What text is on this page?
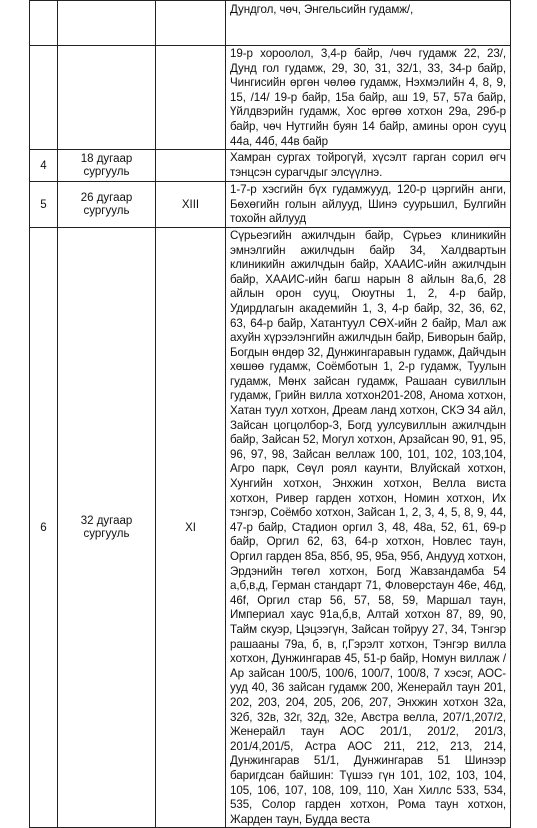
			Дундгол, чөч, Энгельсийн гудамж/,
			19-р хороолол, 3,4-р байр, /чөч гудамж 22, 23/, Дунд гол гудамж, 29, 30, 31, 32/1, 33, 34-р байр, Чингисийн өргөн чөлөө гудамж, Нэхмэлийн 4, 8, 9, 15, /14/ 19-р байр, 15а байр, аш 19, 57, 57а байр, Үйлдвэрийн гудамж, Хос өргөө хотхон 29а, 29б-р байр, чөч Нутгийн буян 14 байр, амины орон сууц 44а, 44б, 44в байр
4	18 дугаар сургууль		Хамран сургах тойрогүй, хүсэлт гарган сорил өгч тэнцсэн сурагчдыг элсүүлнэ.
5	26 дугаар сургууль	XIII	1-7-р хэсгийн бүх гудамжууд, 120-р цэргийн анги, Бөхөгийн голын айлууд, Шинэ суурьшил, Булгийн тохойн айлууд
6	32 дугаар сургууль	XI	Сүрьеэгийн ажилчдын байр, Сүрьеэ клиникийн эмнэлгийн ажилчдын байр 34, Халдвартын клиникийн ажилчдын байр, ХААИС-ийн ажилчдын байр, ХААИС-ийн багш нарын 8 айлын 8а,б, 28 айлын орон сууц, Оюутны 1, 2, 4-р байр, Удирдлагын академийн 1, 3, 4-р байр, 32, 36, 62, 63, 64-р байр, Хатантуул СӨХ-ийн 2 байр, Мал аж ахуйн хүрээлэнгийн ажилчдын байр, Биворын байр, Богдын өндөр 32, Дунжингаравын гудамж, Дайчдын хөшөө гудамж, Соёмботын 1, 2-р гудамж, Туулын гудамж, Мөнх зайсан гудамж, Рашаан сувиллын гудамж, Грийн вилла хотхон201-208, Анома хотхон, Хатан туул хотхон, Дреам ланд хотхон, СКЭ 34 айл, Зайсан цогцолбор-3, Богд уулсувиллын ажилчдын байр, Зайсан 52, Могул хотхон, Арзайсан 90, 91, 95, 96, 97, 98, Зайсан веллаж 100, 101, 102, 103,104, Агро парк, Сөүл роял каунти, Влуйскай хотхон, Хунгийн хотхон, Энхжин хотхон, Велла виста хотхон, Ривер гарден хотхон, Номин хотхон, Их тэнгэр, Соёмбо хотхон, Зайсан 1, 2, 3, 4, 5, 8, 9, 44, 47-р байр, Стадион оргил 3, 48, 48а, 52, 61, 69-р байр, Оргил 62, 63, 64-р хотхон, Новлес таун, Оргил гарден 85а, 85б, 95, 95а, 95б, Андууд хотхон, Эрдэнийн төгөл хотхон, Богд Жавзандамба 54 а,б,в,д, Герман стандарт 71, Фловерстаун 46е, 46д, 46f, Оргил стар 56, 57, 58, 59, Маршал таун, Империал хаус 91а,б,в, Алтай хотхон 87, 89, 90, Тайм скуэр, Цэцээгүн, Зайсан тойруу 27, 34, Тэнгэр рашааны 79а, б, в, г,Гэрэлт хотхон, Тэнгэр вилла хотхон, Дунжингарав 45, 51-р байр, Номун виллаж /Ар зайсан 100/5, 100/6, 100/7, 100/8, 7 хэсэг, АОС-ууд 40, 36 зайсан гудамж 200, Женерайл таун 201, 202, 203, 204, 205, 206, 207, Энхжин хотхон 32а, 32б, 32в, 32г, 32д, 32е, Австра велла, 207/1,207/2, Женерайл таун АОС 201/1, 201/2, 201/3, 201/4,201/5, Астра АОС 211, 212, 213, 214, Дунжингарав 51/1, Дунжингарав 51 Шинээр баригдсан байшин: Түшээ гүн 101, 102, 103, 104, 105, 106, 107, 108, 109, 110, Хан Хиллс 533, 534, 535, Солор гарден хотхон, Рома таун хотхон, Жарден таун, Будда веста
